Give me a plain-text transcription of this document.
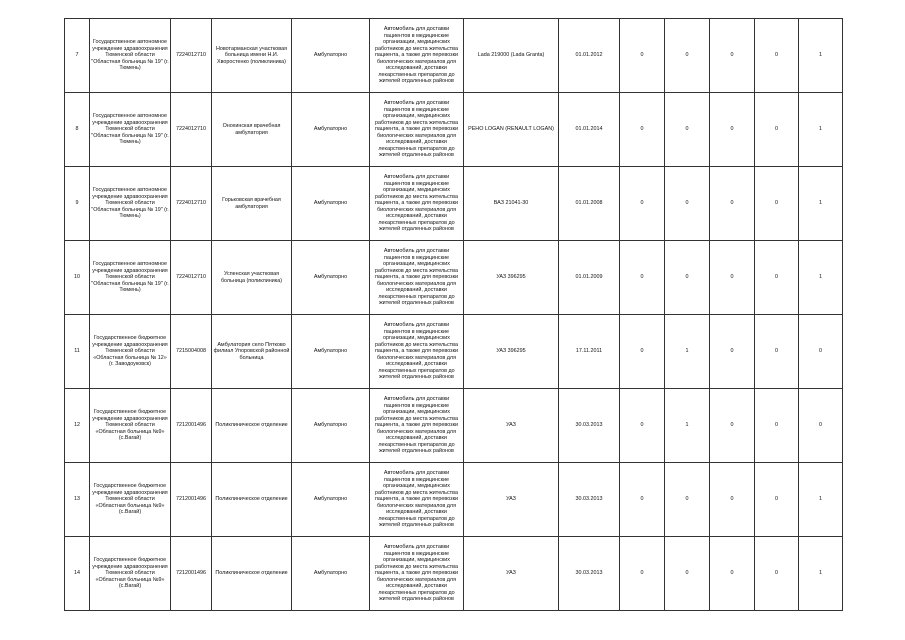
7	Государственное автономное учреждение здравоохранения Тюменской области "Областная больница № 19" (г. Тюмень)	7224012710	Новотарманская участковая больница имени Н.И. Хворостенко (поликлиника)	Амбулаторно	Автомобиль для доставки пациентов в медицинские организации, медицинских работников до места жительства пациента, а также для перевозки биологических материалов для исследований, доставки лекарственных препаратов до жителей отдаленных районов	Lada 219000 (Lada Granta)	01.01.2012	0	0	0	0	1
8	Государственное автономное учреждение здравоохранения Тюменской области "Областная больница № 19" (г. Тюмень)	7224012710	Онохинская врачебная амбулатория	Амбулаторно	Автомобиль для доставки пациентов в медицинские организации, медицинских работников до места жительства пациента, а также для перевозки биологических материалов для исследований, доставки лекарственных препаратов до жителей отдаленных районов	РЕНО LOGAN (RENAULT LOGAN)	01.01.2014	0	0	0	0	1
9	Государственное автономное учреждение здравоохранения Тюменской области "Областная больница № 19" (г. Тюмень)	7224012710	Горьковская врачебная амбулатория	Амбулаторно	Автомобиль для доставки пациентов в медицинские организации, медицинских работников до места жительства пациента, а также для перевозки биологических материалов для исследований, доставки лекарственных препаратов до жителей отдаленных районов	ВАЗ 21041-30	01.01.2008	0	0	0	0	1
10	Государственное автономное учреждение здравоохранения Тюменской области "Областная больница № 19" (г. Тюмень)	7224012710	Успенская участковая больница (поликлиника)	Амбулаторно	Автомобиль для доставки пациентов в медицинские организации, медицинских работников до места жительства пациента, а также для перевозки биологических материалов для исследований, доставки лекарственных препаратов до жителей отдаленных районов	УАЗ 396295	01.01.2009	0	0	0	0	1
11	Государственное бюджетное учреждение здравоохранения Тюменской области «Областная больница № 12» (г. Заводоуковск)	7215004008	Амбулатория село Пятково филиал Упоровской районной больница	Амбулаторно	Автомобиль для доставки пациентов в медицинские организации, медицинских работников до места жительства пациента, а также для перевозки биологических материалов для исследований, доставки лекарственных препаратов до жителей отдаленных районов	УАЗ 396295	17.11.2011	0	1	0	0	0
12	Государственное бюджетное учреждение здравоохранения Тюменской области «Областная больница №9» (с.Вагай)	7212001496	Поликлиническое отделение	Амбулаторно	Автомобиль для доставки пациентов в медицинские организации, медицинских работников до места жительства пациента, а также для перевозки биологических материалов для исследований, доставки лекарственных препаратов до жителей отдаленных районов	УАЗ	30.03.2013	0	1	0	0	0
13	Государственное бюджетное учреждение здравоохранения Тюменской области «Областная больница №9» (с.Вагай)	7212001496	Поликлиническое отделение	Амбулаторно	Автомобиль для доставки пациентов в медицинские организации, медицинских работников до места жительства пациента, а также для перевозки биологических материалов для исследований, доставки лекарственных препаратов до жителей отдаленных районов	УАЗ	30.03.2013	0	0	0	0	1
14	Государственное бюджетное учреждение здравоохранения Тюменской области «Областная больница №9» (с.Вагай)	7212001496	Поликлиническое отделение	Амбулаторно	Автомобиль для доставки пациентов в медицинские организации, медицинских работников до места жительства пациента, а также для перевозки биологических материалов для исследований, доставки лекарственных препаратов до жителей отдаленных районов	УАЗ	30.03.2013	0	0	0	0	1
